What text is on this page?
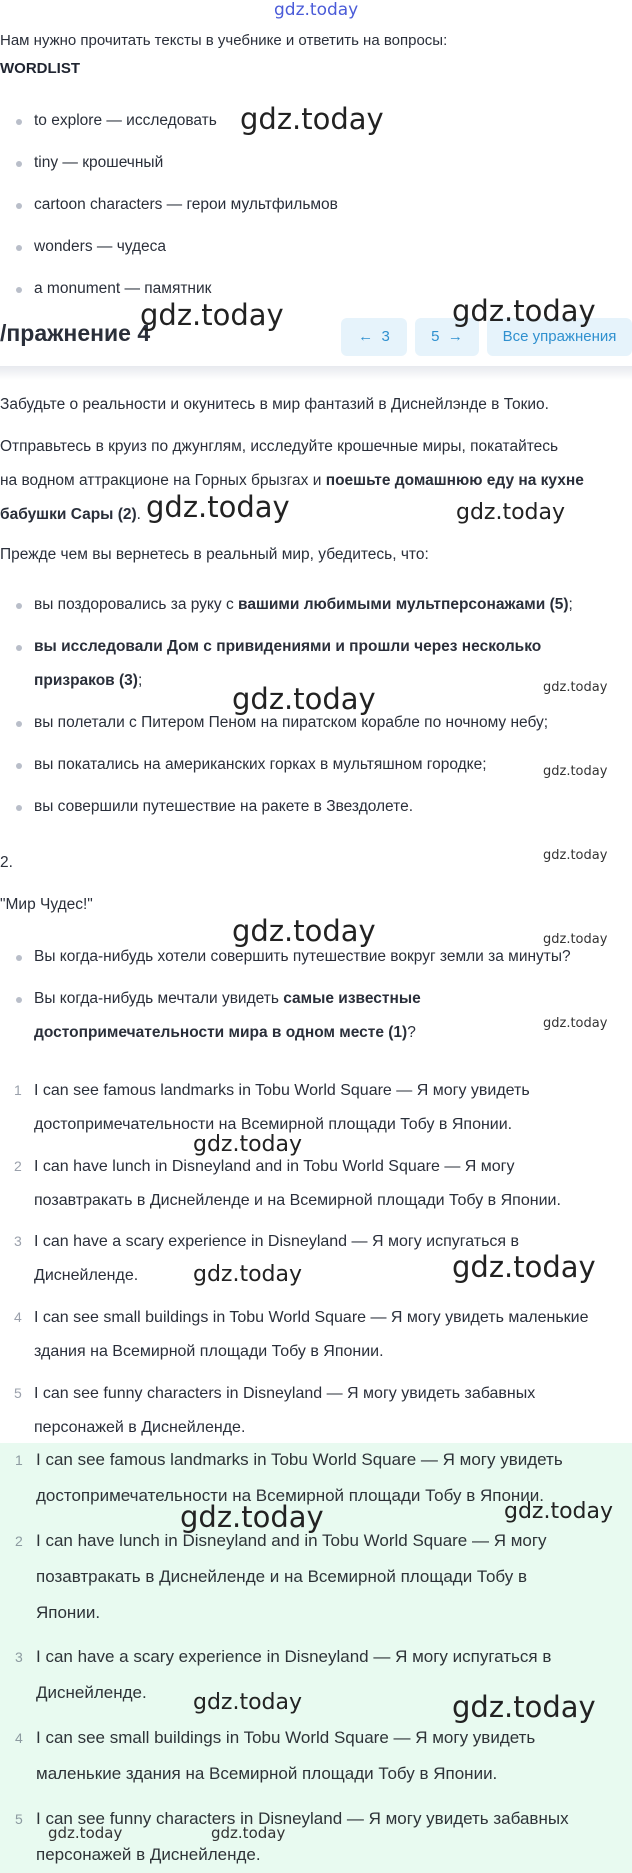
gdz.today
Нам нужно прочитать тексты в учебнике и ответить на вопросы:
WORDLIST
to explore — исследовать
tiny — крошечный
cartoon characters — герои мультфильмов
wonders — чудеса
a monument — памятник
/пражнение 4	← 3	5 →	Все упражнения
Забудьте о реальности и окунитесь в мир фантазий в Диснейлэнде в Токио.
Отправьтесь в круиз по джунглям, исследуйте крошечные миры, покатайтесь
на водном аттракционе на Горных брызгах и поешьте домашнюю еду на кухне
бабушки Сары (2).
Прежде чем вы вернетесь в реальный мир, убедитесь, что:
вы поздоровались за руку с вашими любимыми мультперсонажами (5);
вы исследовали Дом с привидениями и прошли через несколько
призраков (3);
вы полетали с Питером Пеном на пиратском корабле по ночному небу;
вы покатались на американских горках в мультяшном городке;
вы совершили путешествие на ракете в Звездолете.
2.
"Мир Чудес!"
Вы когда-нибудь хотели совершить путешествие вокруг земли за минуты?
Вы когда-нибудь мечтали увидеть самые известные
достопримечательности мира в одном месте (1)?
1 I can see famous landmarks in Tobu World Square — Я могу увидеть
достопримечательности на Всемирной площади Тобу в Японии.
2 I can have lunch in Disneyland and in Tobu World Square — Я могу
позавтракать в Диснейленде и на Всемирной площади Тобу в Японии.
3 I can have a scary experience in Disneyland — Я могу испугаться в
Диснейленде.
4 I can see small buildings in Tobu World Square — Я могу увидеть маленькие
здания на Всемирной площади Тобу в Японии.
5 I can see funny characters in Disneyland — Я могу увидеть забавных
персонажей в Диснейленде.
1 I can see famous landmarks in Tobu World Square — Я могу увидеть
достопримечательности на Всемирной площади Тобу в Японии.
2 I can have lunch in Disneyland and in Tobu World Square — Я могу
позавтракать в Диснейленде и на Всемирной площади Тобу в
Японии.
3 I can have a scary experience in Disneyland — Я могу испугаться в
Диснейленде.
4 I can see small buildings in Tobu World Square — Я могу увидеть
маленькие здания на Всемирной площади Тобу в Японии.
5 I can see funny characters in Disneyland — Я могу увидеть забавных
персонажей в Диснейленде.
gdz.today
gdz.today	gdz.today
gdz.today	gdz.today
gdz.today	gdz.today
gdz.today
gdz.today
gdz.today	gdz.today
gdz.today
gdz.today
gdz.today	gdz.today
gdz.today	gdz.today
gdz.today	gdz.today
gdz.today	gdz.today
